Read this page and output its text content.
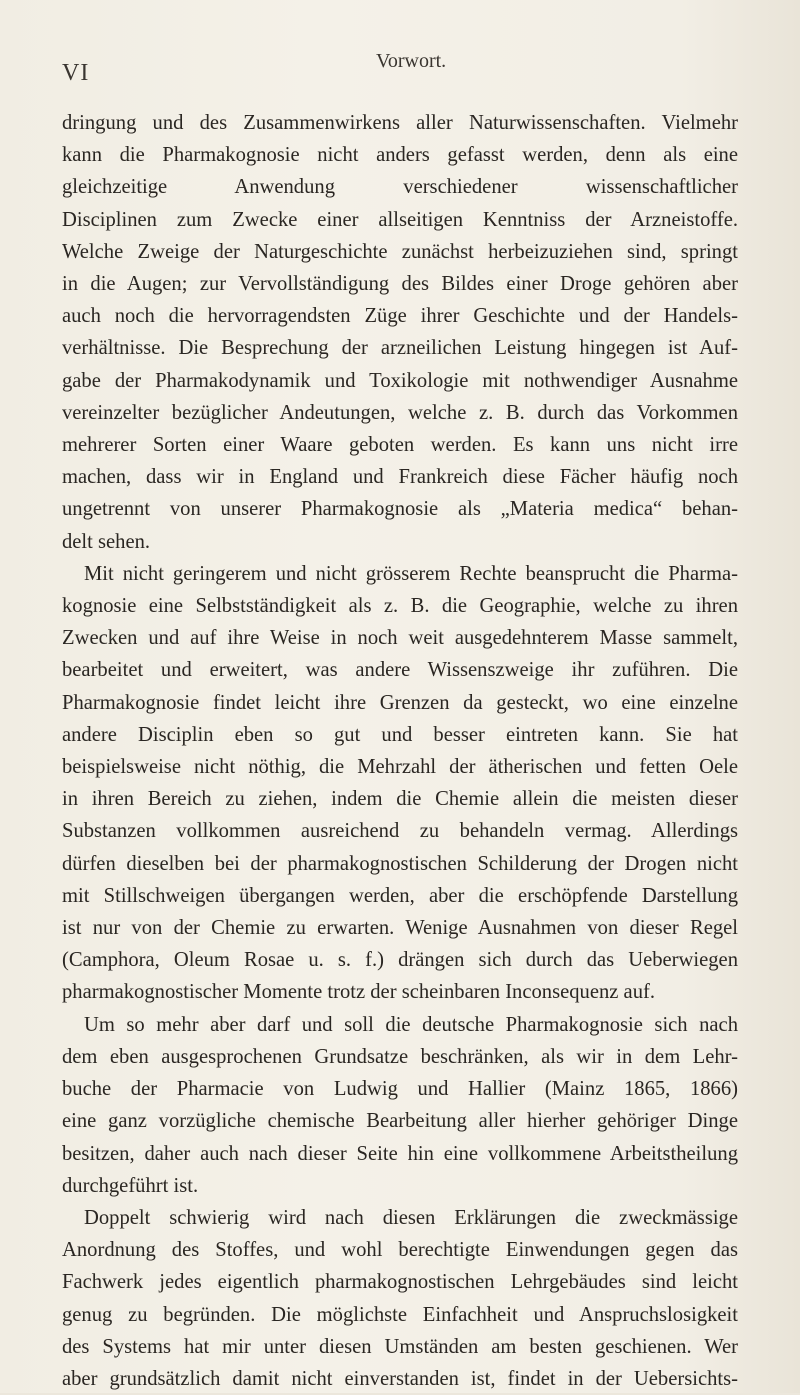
VI	Vorwort.
dringung und des Zusammenwirkens aller Naturwissenschaften. Vielmehr
kann die Pharmakognosie nicht anders gefasst werden, denn als eine
gleichzeitige Anwendung verschiedener wissenschaftlicher
Disciplinen zum Zwecke einer allseitigen Kenntniss der Arzneistoffe.
Welche Zweige der Naturgeschichte zunächst herbeizuziehen sind, springt
in die Augen; zur Vervollständigung des Bildes einer Droge gehören aber
auch noch die hervorragendsten Züge ihrer Geschichte und der Handels-
verhältnisse. Die Besprechung der arzneilichen Leistung hingegen ist Auf-
gabe der Pharmakodynamik und Toxikologie mit nothwendiger Ausnahme
vereinzelter bezüglicher Andeutungen, welche z. B. durch das Vorkommen
mehrerer Sorten einer Waare geboten werden. Es kann uns nicht irre
machen, dass wir in England und Frankreich diese Fächer häufig noch
ungetrennt von unserer Pharmakognosie als „Materia medica“ behan-
delt sehen.
Mit nicht geringerem und nicht grösserem Rechte beansprucht die Pharma-
kognosie eine Selbstständigkeit als z. B. die Geographie, welche zu ihren
Zwecken und auf ihre Weise in noch weit ausgedehnterem Masse sammelt,
bearbeitet und erweitert, was andere Wissenszweige ihr zuführen. Die
Pharmakognosie findet leicht ihre Grenzen da gesteckt, wo eine einzelne
andere Disciplin eben so gut und besser eintreten kann. Sie hat
beispielsweise nicht nöthig, die Mehrzahl der ätherischen und fetten Oele
in ihren Bereich zu ziehen, indem die Chemie allein die meisten dieser
Substanzen vollkommen ausreichend zu behandeln vermag. Allerdings
dürfen dieselben bei der pharmakognostischen Schilderung der Drogen nicht
mit Stillschweigen übergangen werden, aber die erschöpfende Darstellung
ist nur von der Chemie zu erwarten. Wenige Ausnahmen von dieser Regel
(Camphora, Oleum Rosae u. s. f.) drängen sich durch das Ueberwiegen
pharmakognostischer Momente trotz der scheinbaren Inconsequenz auf.
Um so mehr aber darf und soll die deutsche Pharmakognosie sich nach
dem eben ausgesprochenen Grundsatze beschränken, als wir in dem Lehr-
buche der Pharmacie von Ludwig und Hallier (Mainz 1865, 1866)
eine ganz vorzügliche chemische Bearbeitung aller hierher gehöriger Dinge
besitzen, daher auch nach dieser Seite hin eine vollkommene Arbeitstheilung
durchgeführt ist.
Doppelt schwierig wird nach diesen Erklärungen die zweckmässige
Anordnung des Stoffes, und wohl berechtigte Einwendungen gegen das
Fachwerk jedes eigentlich pharmakognostischen Lehrgebäudes sind leicht
genug zu begründen. Die möglichste Einfachheit und Anspruchslosigkeit
des Systems hat mir unter diesen Umständen am besten geschienen. Wer
aber grundsätzlich damit nicht einverstanden ist, findet in der Uebersichts-
